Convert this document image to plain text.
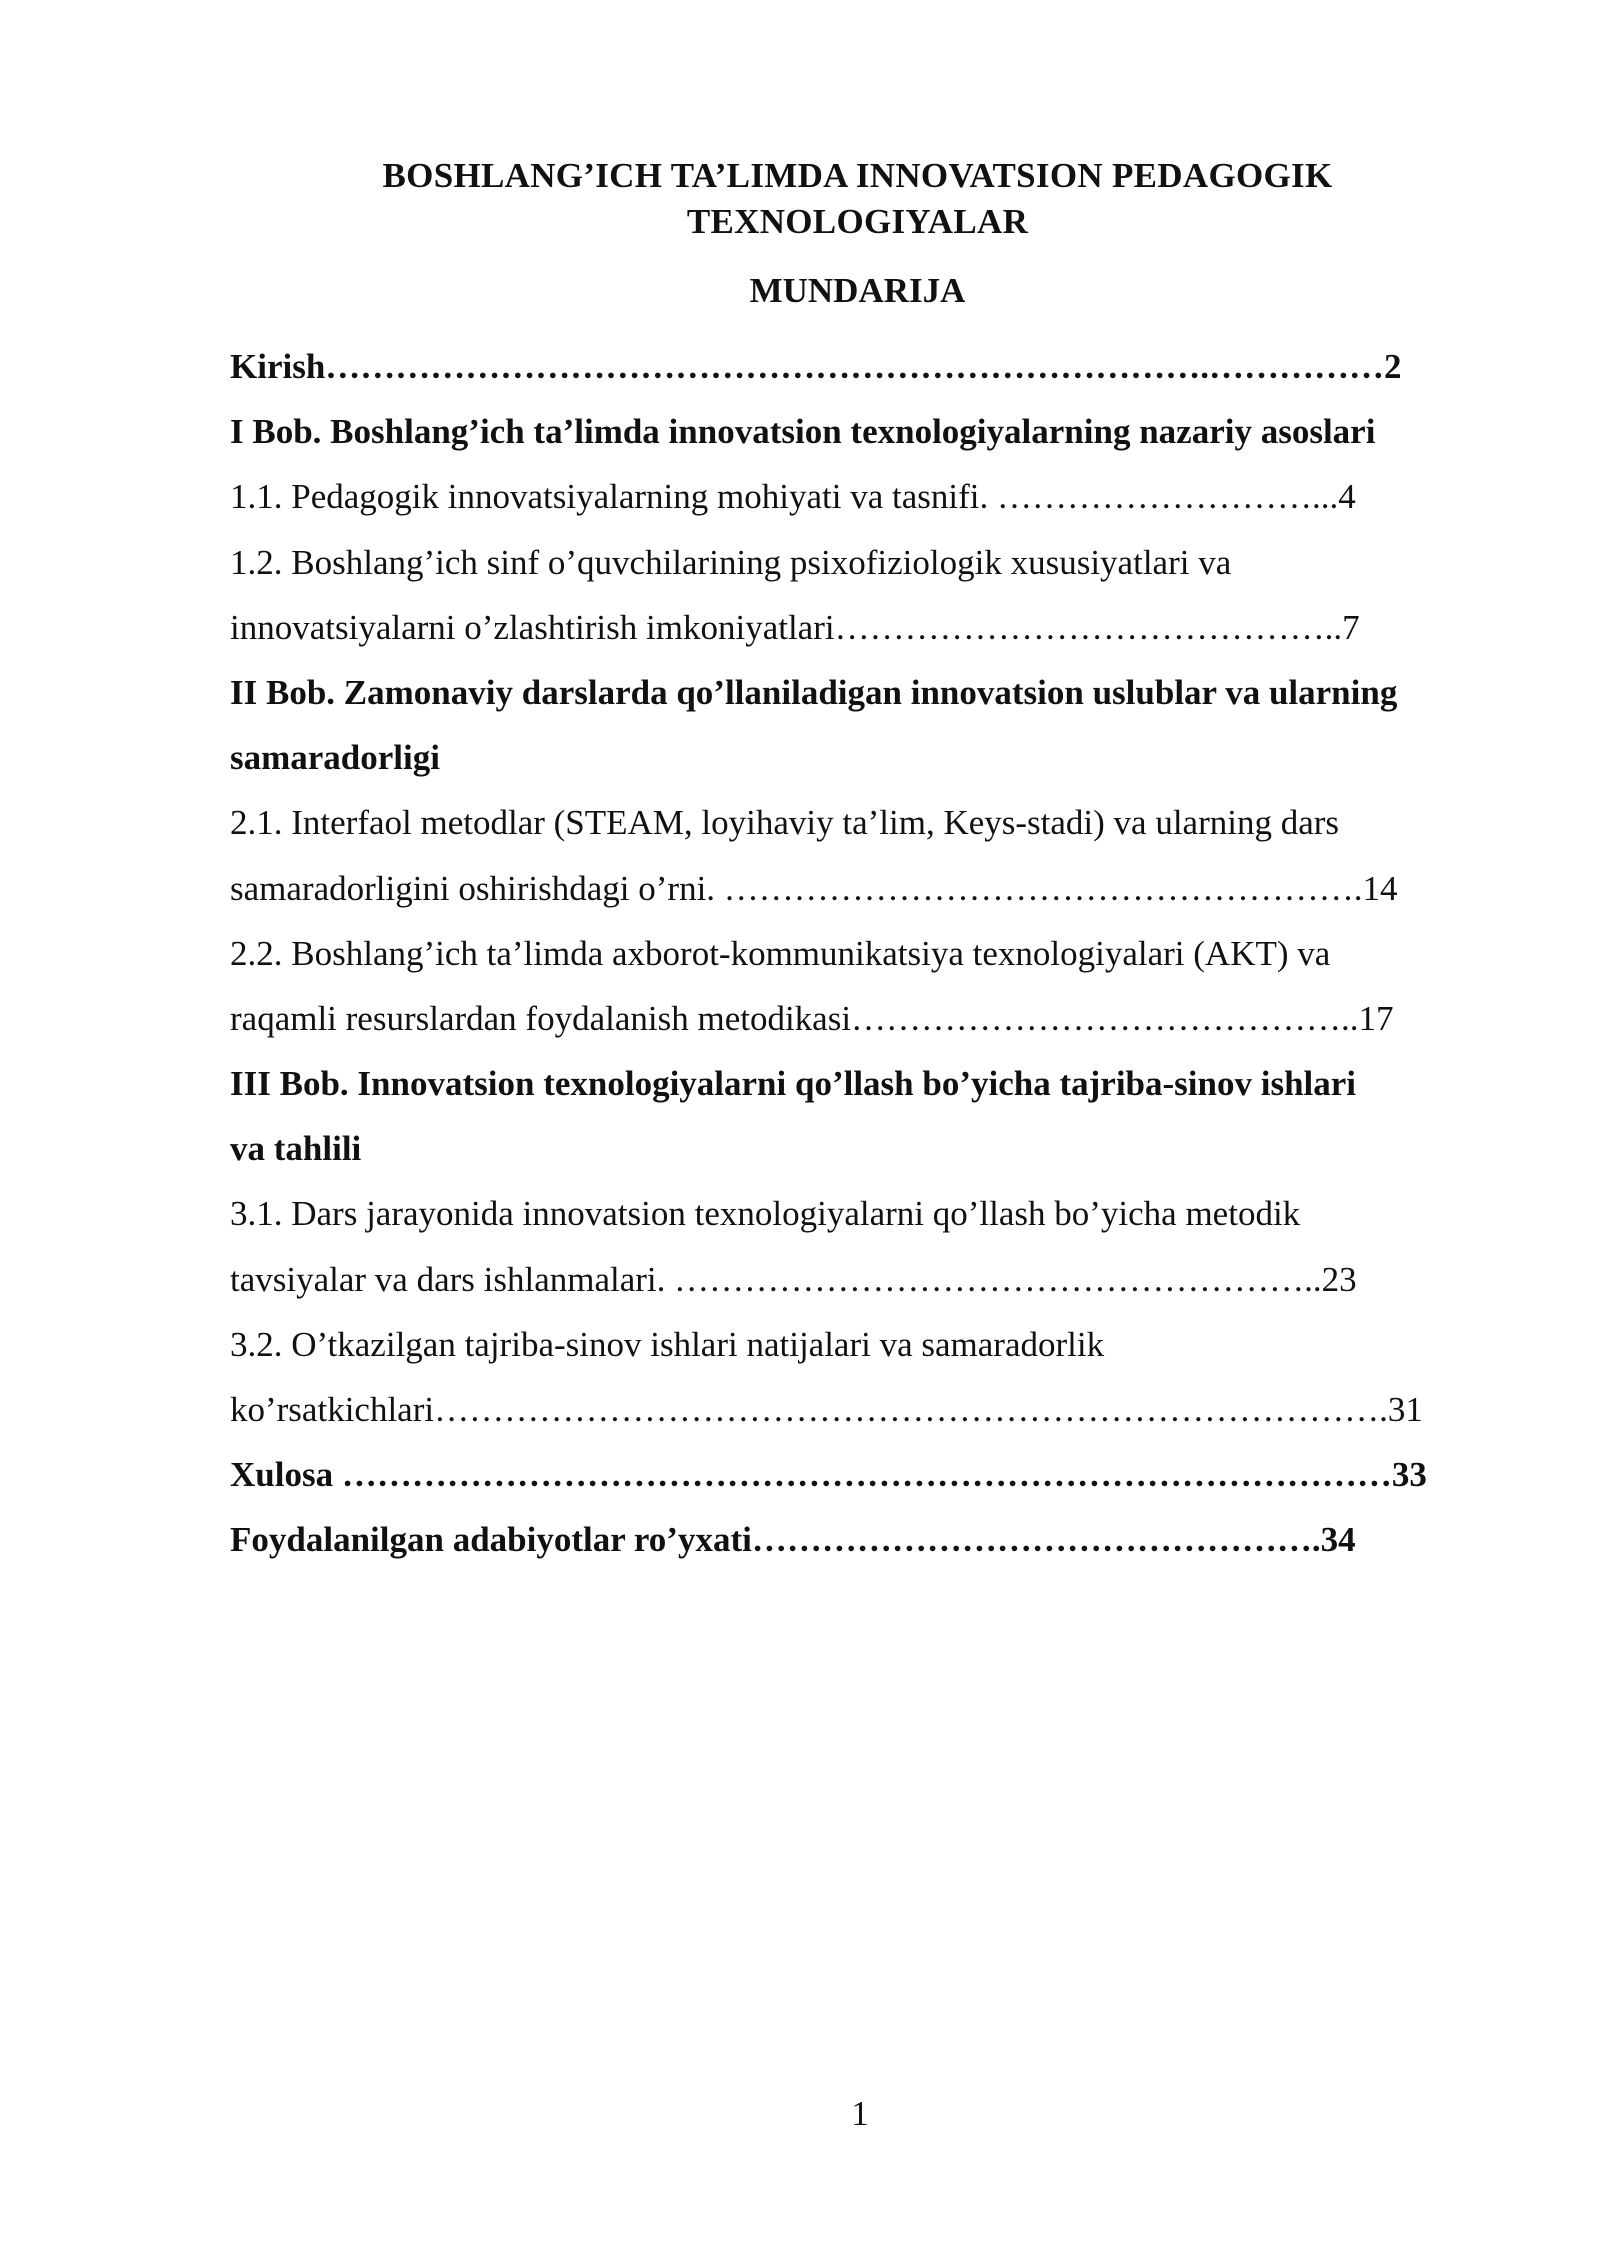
BOSHLANG’ICH TA’LIMDA INNOVATSION PEDAGOGIK
TEXNOLOGIYALAR
MUNDARIJA
Kirish………………………………………………………………….……………2
I Bob. Boshlang’ich ta’limda innovatsion texnologiyalarning nazariy asoslari
1.1. Pedagogik innovatsiyalarning mohiyati va tasnifi. ………………………...4
1.2. Boshlang’ich sinf o’quvchilarining psixofiziologik xususiyatlari va
innovatsiyalarni o’zlashtirish imkoniyatlari……………………………………..7
II Bob. Zamonaviy darslarda qo’llaniladigan innovatsion uslublar va ularning
samaradorligi
2.1. Interfaol metodlar (STEAM, loyihaviy ta’lim, Keys-stadi) va ularning dars
samaradorligini oshirishdagi o’rni. ……………………………………………….14
2.2. Boshlang’ich ta’limda axborot-kommunikatsiya texnologiyalari (AKT) va
raqamli resurslardan foydalanish metodikasi……………………………………..17
III Bob. Innovatsion texnologiyalarni qo’llash bo’yicha tajriba-sinov ishlari
va tahlili
3.1. Dars jarayonida innovatsion texnologiyalarni qo’llash bo’yicha metodik
tavsiyalar va dars ishlanmalari. ………………………………………………..23
3.2. O’tkazilgan tajriba-sinov ishlari natijalari va samaradorlik
ko’rsatkichlari……………………………………………………………………….31
Xulosa ………………………………………………………………………………33
Foydalanilgan adabiyotlar ro’yxati………………………………………….34
1
